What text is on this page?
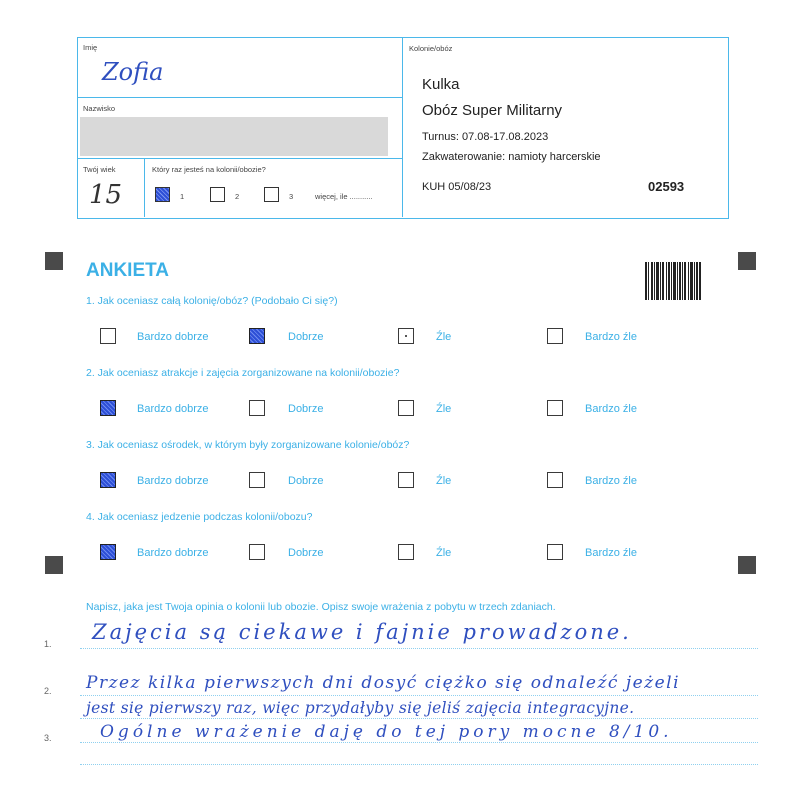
Imię
Zofia
Nazwisko
Twój wiek
15
Który raz jesteś na kolonii/obozie?
1	2	3	więcej, ile ...........
Kolonie/obóz
Kulka
Obóz Super Militarny
Turnus: 07.08-17.08.2023
Zakwaterowanie: namioty harcerskie
KUH 05/08/23	02593
ANKIETA
1. Jak oceniasz całą kolonię/obóz? (Podobało Ci się?)
Bardzo dobrze	Dobrze	Źle	Bardzo źle
2. Jak oceniasz atrakcje i zajęcia zorganizowane na kolonii/obozie?
Bardzo dobrze	Dobrze	Źle	Bardzo źle
3. Jak oceniasz ośrodek, w którym były zorganizowane kolonie/obóz?
Bardzo dobrze	Dobrze	Źle	Bardzo źle
4. Jak oceniasz jedzenie podczas kolonii/obozu?
Bardzo dobrze	Dobrze	Źle	Bardzo źle
Napisz, jaka jest Twoja opinia o kolonii lub obozie. Opisz swoje wrażenia z pobytu w trzech zdaniach.
1.
2.
3.
Zajęcia są ciekawe i fajnie prowadzone.
Przez kilka pierwszych dni dosyć ciężko się odnaleźć jeżeli
jest się pierwszy raz, więc przydałyby się jeliś zajęcia integracyjne.
Ogólne wrażenie daję do tej pory mocne 8/10.
